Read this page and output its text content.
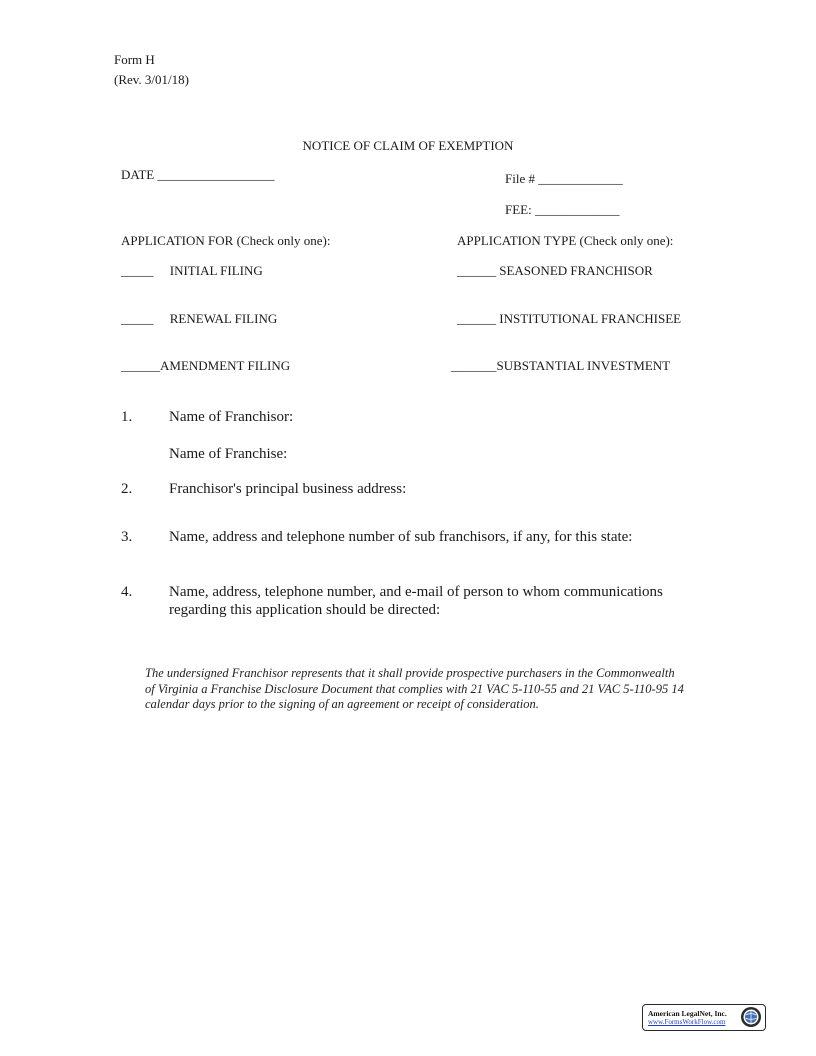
Form H
(Rev. 3/01/18)
NOTICE OF CLAIM OF EXEMPTION
DATE __________________	File # _____________
FEE: _____________
APPLICATION FOR (Check only one):	APPLICATION TYPE (Check only one):
_____     INITIAL FILING
_____     RENEWAL FILING
______AMENDMENT FILING
______ SEASONED FRANCHISOR
______ INSTITUTIONAL FRANCHISEE
_______SUBSTANTIAL INVESTMENT
1. Name of Franchisor:
Name of Franchise:
2. Franchisor's principal business address:
3. Name, address and telephone number of sub franchisors, if any, for this state:
4. Name, address, telephone number, and e-mail of person to whom communications
regarding this application should be directed:
The undersigned Franchisor represents that it shall provide prospective purchasers in the Commonwealth of Virginia a Franchise Disclosure Document that complies with 21 VAC 5-110-55 and 21 VAC 5-110-95 14 calendar days prior to the signing of an agreement or receipt of consideration.
American LegalNet, Inc.
www.FormsWorkFlow.com
